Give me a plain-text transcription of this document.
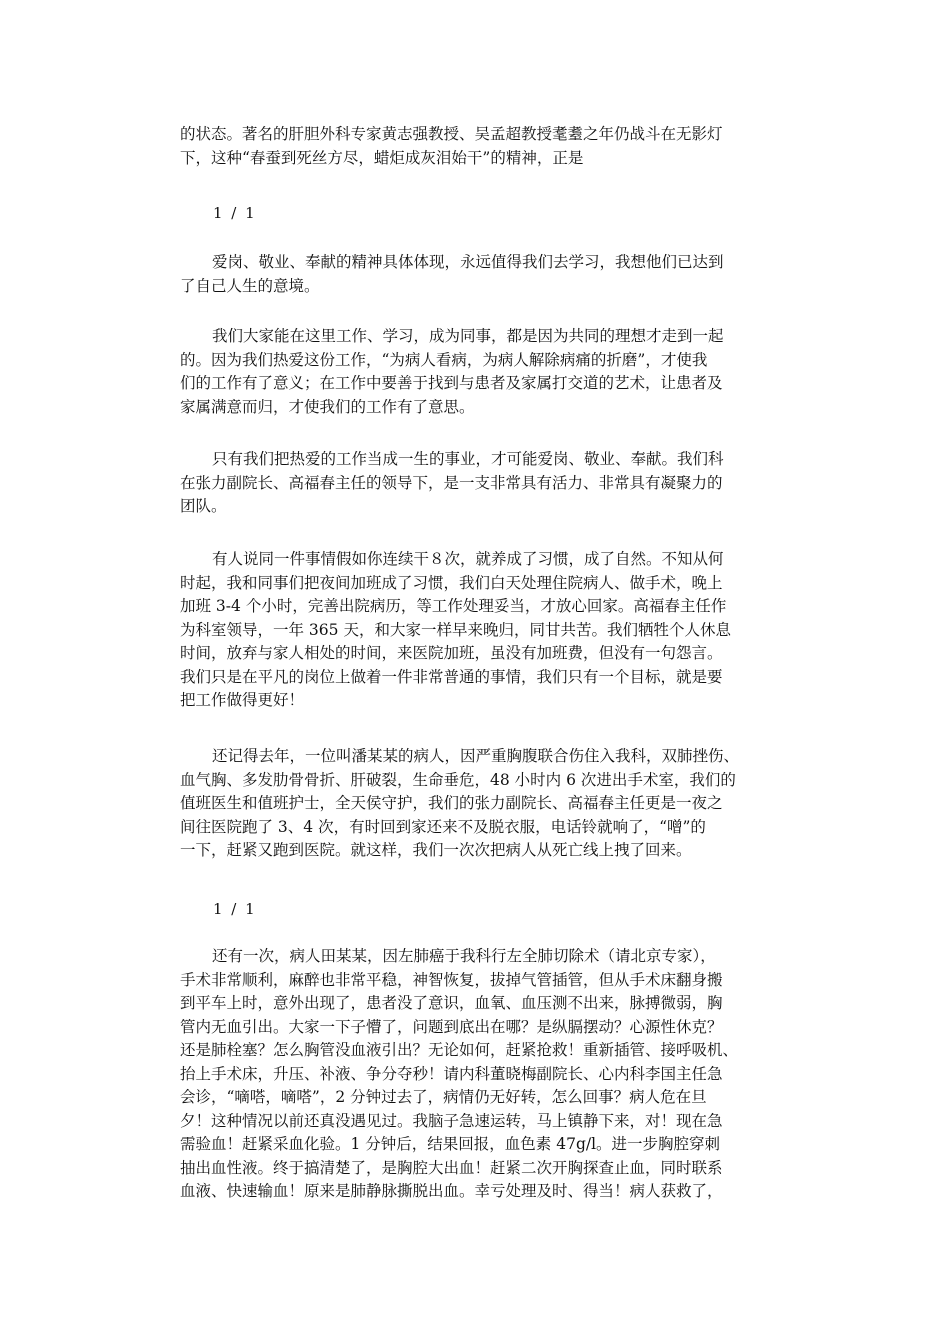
的状态。著名的肝胆外科专家黄志强教授、吴孟超教授耄耋之年仍战斗在无影灯
下，这种“春蚕到死丝方尽，蜡炬成灰泪始干”的精神，正是
1 / 1
爱岗、敬业、奉献的精神具体体现，永远值得我们去学习，我想他们已达到
了自己人生的意境。
我们大家能在这里工作、学习，成为同事，都是因为共同的理想才走到一起
的。因为我们热爱这份工作，“为病人看病，为病人解除病痛的折磨”，才使我
们的工作有了意义；在工作中要善于找到与患者及家属打交道的艺术，让患者及
家属满意而归，才使我们的工作有了意思。
只有我们把热爱的工作当成一生的事业，才可能爱岗、敬业、奉献。我们科
在张力副院长、高福春主任的领导下，是一支非常具有活力、非常具有凝聚力的
团队。
有人说同一件事情假如你连续干８次，就养成了习惯，成了自然。不知从何
时起，我和同事们把夜间加班成了习惯，我们白天处理住院病人、做手术，晚上
加班 3-4 个小时，完善出院病历，等工作处理妥当，才放心回家。高福春主任作
为科室领导，一年 365 天，和大家一样早来晚归，同甘共苦。我们牺牲个人休息
时间，放弃与家人相处的时间，来医院加班，虽没有加班费，但没有一句怨言。
我们只是在平凡的岗位上做着一件非常普通的事情，我们只有一个目标，就是要
把工作做得更好！
还记得去年，一位叫潘某某的病人，因严重胸腹联合伤住入我科，双肺挫伤、
血气胸、多发肋骨骨折、肝破裂，生命垂危，48 小时内 6 次进出手术室，我们的
值班医生和值班护士，全天侯守护，我们的张力副院长、高福春主任更是一夜之
间往医院跑了 3、4 次，有时回到家还来不及脱衣服，电话铃就响了，“噌”的
一下，赶紧又跑到医院。就这样，我们一次次把病人从死亡线上拽了回来。
1 / 1
还有一次，病人田某某，因左肺癌于我科行左全肺切除术（请北京专家），
手术非常顺利，麻醉也非常平稳，神智恢复，拔掉气管插管，但从手术床翻身搬
到平车上时，意外出现了，患者没了意识，血氧、血压测不出来，脉搏微弱，胸
管内无血引出。大家一下子懵了，问题到底出在哪？是纵膈摆动？心源性休克？
还是肺栓塞？怎么胸管没血液引出？无论如何，赶紧抢救！重新插管、接呼吸机、
抬上手术床，升压、补液、争分夺秒！请内科董晓梅副院长、心内科李国主任急
会诊，“嘀嗒，嘀嗒”，2 分钟过去了，病情仍无好转，怎么回事？病人危在旦
夕！这种情况以前还真没遇见过。我脑子急速运转，马上镇静下来，对！现在急
需验血！赶紧采血化验。1 分钟后，结果回报，血色素 47g/l。进一步胸腔穿刺
抽出血性液。终于搞清楚了，是胸腔大出血！赶紧二次开胸探查止血，同时联系
血液、快速输血！原来是肺静脉撕脱出血。幸亏处理及时、得当！病人获救了，
